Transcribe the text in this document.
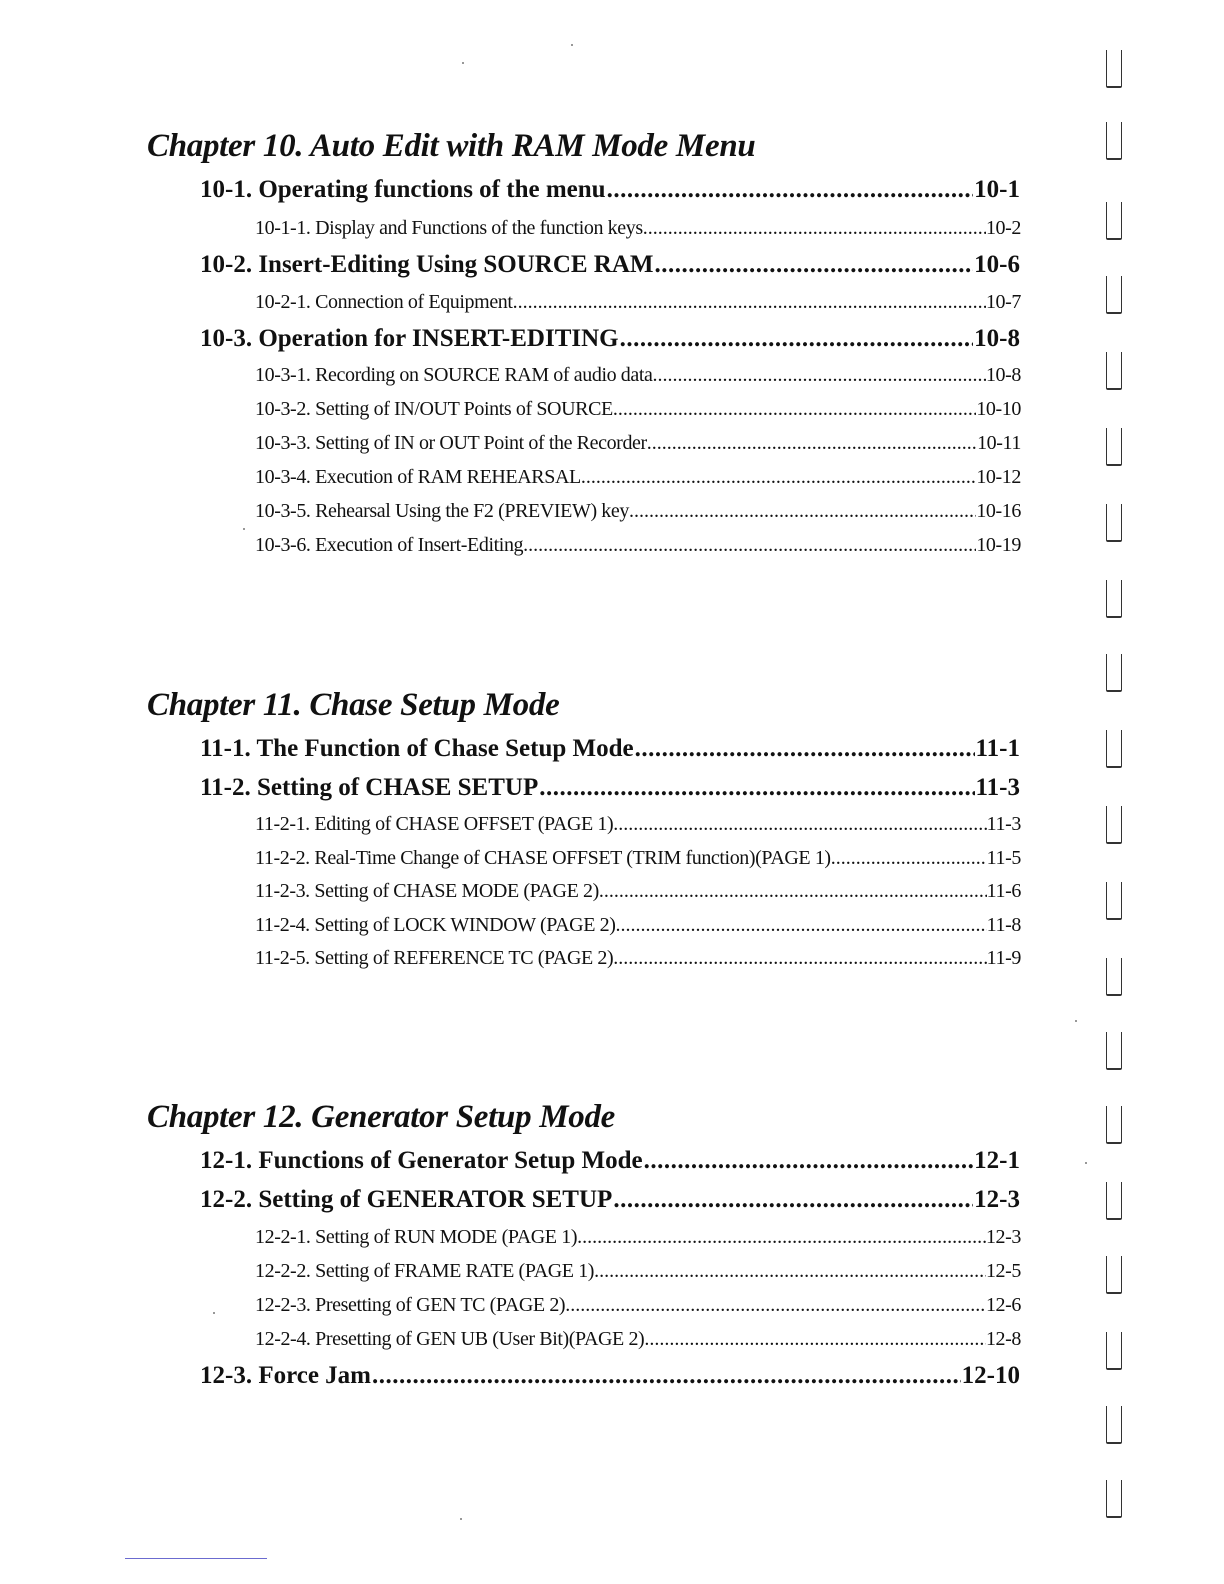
Chapter 10. Auto Edit with RAM Mode Menu
10-1. Operating functions of the menu .....	10-1
10-1-1. Display and Functions of the function keys .....	10-2
10-2. Insert-Editing Using SOURCE RAM .....	10-6
10-2-1. Connection of Equipment .....	10-7
10-3. Operation for INSERT-EDITING .....	10-8
10-3-1. Recording on SOURCE RAM of audio data .....	10-8
10-3-2. Setting of IN/OUT Points of SOURCE .....	10-10
10-3-3. Setting of IN or OUT Point of the Recorder .....	10-11
10-3-4. Execution of RAM REHEARSAL .....	10-12
10-3-5. Rehearsal Using the F2 (PREVIEW) key .....	10-16
10-3-6. Execution of Insert-Editing .....	10-19
Chapter 11. Chase Setup Mode
11-1. The Function of Chase Setup Mode .....	11-1
11-2. Setting of CHASE SETUP .....	11-3
11-2-1. Editing of CHASE OFFSET (PAGE 1) .....	11-3
11-2-2. Real-Time Change of CHASE OFFSET (TRIM function)(PAGE 1) .....	11-5
11-2-3. Setting of CHASE MODE (PAGE 2) .....	11-6
11-2-4. Setting of LOCK WINDOW (PAGE 2) .....	11-8
11-2-5. Setting of REFERENCE TC (PAGE 2) .....	11-9
Chapter 12. Generator Setup Mode
12-1. Functions of Generator Setup Mode .....	12-1
12-2. Setting of GENERATOR SETUP .....	12-3
12-2-1. Setting of RUN MODE (PAGE 1) .....	12-3
12-2-2. Setting of FRAME RATE (PAGE 1) .....	12-5
12-2-3. Presetting of GEN TC (PAGE 2) .....	12-6
12-2-4. Presetting of GEN UB (User Bit)(PAGE 2) .....	12-8
12-3. Force Jam .....	12-10
